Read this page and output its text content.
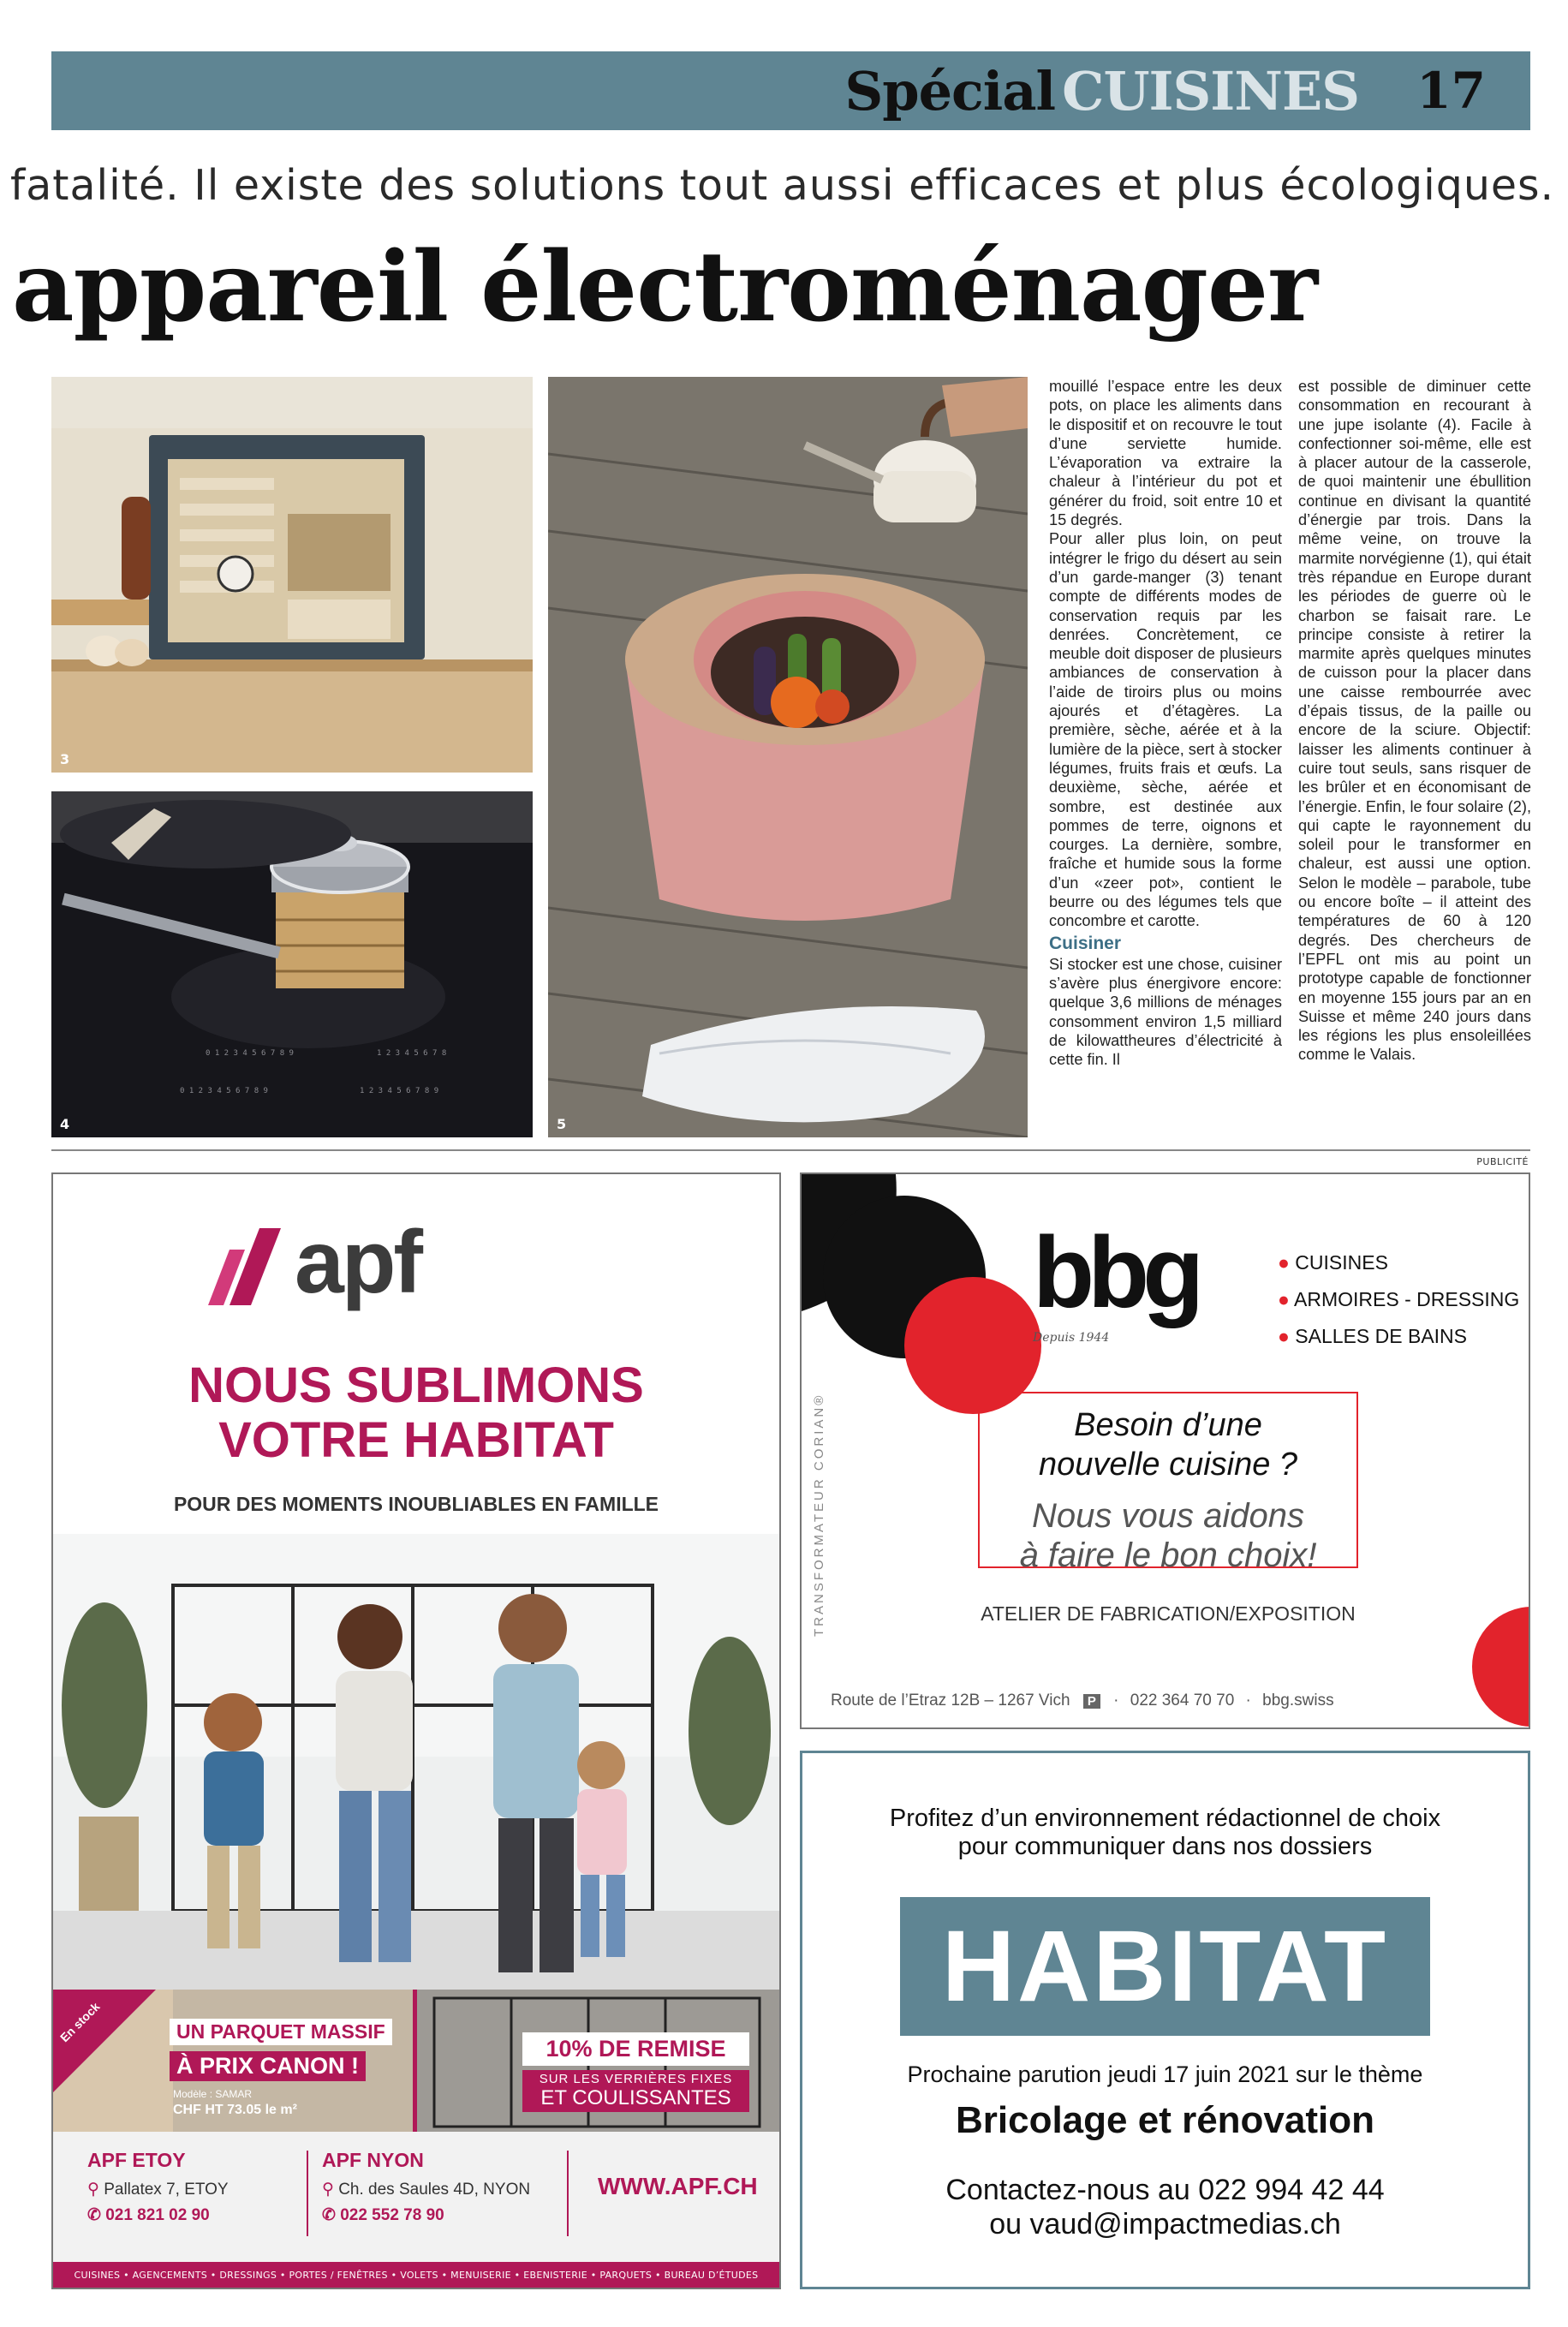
Spécial CUISINES 17
fatalité. Il existe des solutions tout aussi efficaces et plus écologiques.
appareil électroménager
3
0 1 2 3 4 5 6 7 8 9	1 2 3 4 5 6 7 8
0 1 2 3 4 5 6 7 8 9	1 2 3 4 5 6 7 8 9
4	5

mouillé l’espace entre les deux pots, on place les aliments dans le dispositif et on recouvre le tout d’une serviette humide. L’évaporation va extraire la chaleur à l’intérieur du pot et générer du froid, soit entre 10 et 15 degrés.

Pour aller plus loin, on peut intégrer le frigo du désert au sein d’un garde-manger (3) tenant compte de différents modes de conservation requis par les denrées. Concrètement, ce meuble doit disposer de plusieurs ambiances de conservation à l’aide de tiroirs plus ou moins ajourés et d’étagères. La première, sèche, aérée et à la lumière de la pièce, sert à stocker légumes, fruits frais et œufs. La deuxième, sèche, aérée et sombre, est destinée aux pommes de terre, oignons et courges. La dernière, sombre, fraîche et humide sous la forme d’un «zeer pot», contient le beurre ou des légumes tels que concombre et carotte.

Cuisiner

Si stocker est une chose, cuisiner s’avère plus énergivore encore: quelque 3,6 millions de ménages consomment environ 1,5 milliard de kilowattheures d’électricité à cette fin. Il

est possible de diminuer cette consommation en recourant à une jupe isolante (4). Facile à confectionner soi-même, elle est à placer autour de la casserole, de quoi maintenir une ébullition continue en divisant la quantité d’énergie par trois. Dans la même veine, on trouve la marmite norvégienne (1), qui était très répandue en Europe durant les périodes de guerre où le charbon se faisait rare. Le principe consiste à retirer la marmite après quelques minutes de cuisson pour la placer dans une caisse rembourrée avec d’épais tissus, de la paille ou encore de la sciure. Objectif: laisser les aliments continuer à cuire tout seuls, sans risquer de les brûler et en économisant de l’énergie. Enfin, le four solaire (2), qui capte le rayonnement du soleil pour le transformer en chaleur, est aussi une option. Selon le modèle – parabole, tube ou encore boîte – il atteint des températures de 60 à 120 degrés. Des chercheurs de l’EPFL ont mis au point un prototype capable de fonctionner en moyenne 155 jours par an en Suisse et même 240 jours dans les régions les plus ensoleillées comme le Valais.

PUBLICITÉ
apf
NOUS SUBLIMONS
VOTRE HABITAT
POUR DES MOMENTS INOUBLIABLES EN FAMILLE
En stock	UN PARQUET MASSIF
À PRIX CANON !
Modèle : SAMAR
CHF HT 73.05 le m²
10% DE REMISE
SUR LES VERRIÈRES FIXES
ET COULISSANTES
APF ETOY
⚲ Pallatex 7, ETOY
✆ 021 821 02 90
APF NYON
⚲ Ch. des Saules 4D, NYON
✆ 022 552 78 90
WWW.APF.CH
CUISINES • AGENCEMENTS • DRESSINGS • PORTES / FENÊTRES • VOLETS • MENUISERIE • EBENISTERIE • PARQUETS • BUREAU D’ÉTUDES
bbg
Depuis 1944
● CUISINES
● ARMOIRES - DRESSING
● SALLES DE BAINS
TRANSFORMATEUR CORIAN®	Besoin d’une
nouvelle cuisine ?
Nous vous aidons
à faire le bon choix!
ATELIER DE FABRICATION/EXPOSITION
Route de l’Etraz 12B – 1267 Vich P · 022 364 70 70 · bbg.swiss
Profitez d’un environnement rédactionnel de choix
pour communiquer dans nos dossiers
HABITAT
Prochaine parution jeudi 17 juin 2021 sur le thème
Bricolage et rénovation
Contactez-nous au 022 994 42 44
ou vaud@impactmedias.ch
